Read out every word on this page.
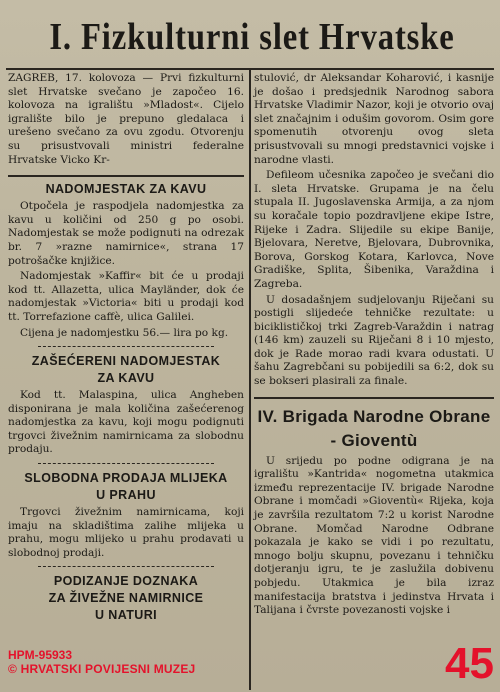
I. Fizkulturni slet Hrvatske

ZAGREB, 17. kolovoza — Prvi fizkulturni slet Hrvatske svečano je započeo 16. kolovoza na igralištu »Mladost«. Cijelo igralište bilo je prepuno gledalaca i urešeno svečano za ovu zgodu. Otvorenju su prisustvovali ministri federalne Hrvatske Vicko Kr-

NADOMJESTAK ZA KAVU

Otpočela je raspodjela nadomjestka za kavu u količini od 250 g po osobi. Nadomjestak se može podignuti na odrezak br. 7 »razne namirnice«, strana 17 potrošačke knjižice.

Nadomjestak »Kaffir« bit će u prodaji kod tt. Allazetta, ulica Mayländer, dok će nadomjestak »Victoria« biti u prodaji kod tt. Torrefazione caffè, ulica Galilei.

Cijena je nadomjestku 56.— lira po kg.

ZAŠEĆERENI NADOMJESTAK
ZA KAVU

Kod tt. Malaspina, ulica Angheben disponirana je mala količina zašećerenog nadomjestka za kavu, koji mogu podignuti trgovci živežnim namirnicama za slobodnu prodaju.

SLOBODNA PRODAJA MLIJEKA
U PRAHU

Trgovci živežnim namirnicama, koji imaju na skladištima zalihe mlijeka u prahu, mogu mlijeko u prahu prodavati u slobodnoj prodaji.

PODIZANJE DOZNAKA
ZA ŽIVEŽNE NAMIRNICE
U NATURI

stulović, dr Aleksandar Koharović, i kasnije je došao i predsjednik Narodnog sabora Hrvatske Vladimir Nazor, koji je otvorio ovaj slet značajnim i odušim govorom. Osim gore spomenutih otvorenju ovog sleta prisustvovali su mnogi predstavnici vojske i narodne vlasti.

Defileom učesnika započeo je svečani dio I. sleta Hrvatske. Grupama je na čelu stupala II. Jugoslavenska Armija, a za njom su koračale topio pozdravljene ekipe Istre, Rijeke i Zadra. Slijedile su ekipe Banije, Bjelovara, Neretve, Bjelovara, Dubrovnika, Borova, Gorskog Kotara, Karlovca, Nove Gradiške, Splita, Šibenika, Varaždina i Zagreba.

U dosadašnjem sudjelovanju Riječani su postigli slijedeće tehničke rezultate: u biciklističkoj trki Zagreb-Varaždin i natrag (146 km) zauzeli su Riječani 8 i 10 mjesto, dok je Rade morao radi kvara odustati. U šahu Zagrebčani su pobijedili sa 6:2, dok su se bokseri plasirali za finale.

IV. Brigada Narodne Obrane
- Gioventù

U srijedu po podne odigrana je na igralištu »Kantrida« nogometna utakmica između reprezentacije IV. brigade Narodne Obrane i momčadi »Gioventù« Rijeka, koja je završila rezultatom 7:2 u korist Narodne Obrane. Momčad Narodne Odbrane pokazala je kako se vidi i po rezultatu, mnogo bolju skupnu, povezanu i tehničku dotjeranju igru, te je zaslužila dobivenu pobjedu. Utakmica je bila izraz manifestacija bratstva i jedinstva Hrvata i Talijana i čvrste povezanosti vojske i

HPM-95933
© HRVATSKI POVIJESNI MUZEJ	45
